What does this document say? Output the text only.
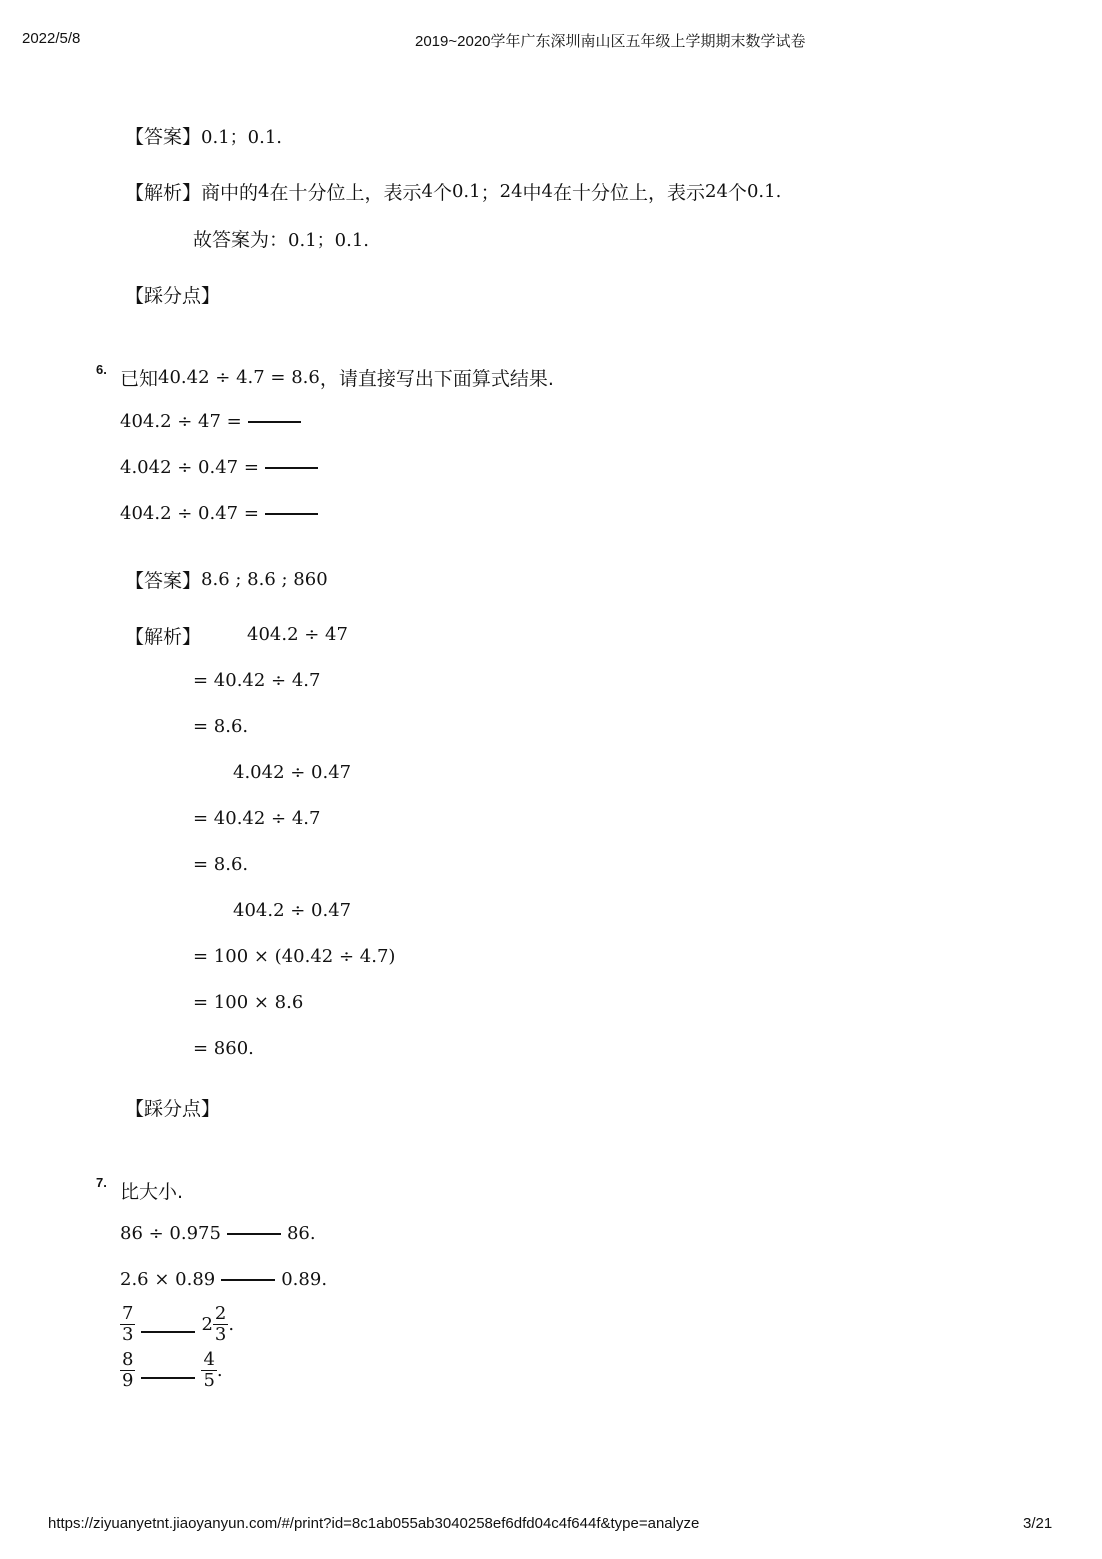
2022/5/8	2019~2020学年广东深圳南山区五年级上学期期末数学试卷
【答案】 0.1；0.1.
【解析】 商中的 4 在十分位上，表示 4 个 0.1 ； 24 中 4 在十分位上，表示 24 个 0.1.
故答案为： 0.1；0.1.
【踩分点】
6. 已知 40.42 ÷ 4.7 = 8.6 ，请直接写出下面算式结果.
404.2 ÷ 47 =
4.042 ÷ 0.47 =
404.2 ÷ 0.47 =
【答案】 8.6 ; 8.6 ; 860
【解析】	404.2 ÷ 47
= 40.42 ÷ 4.7
= 8.6.
4.042 ÷ 0.47
= 40.42 ÷ 4.7
= 8.6.
404.2 ÷ 0.47
= 100 × (40.42 ÷ 4.7)
= 100 × 8.6
= 860.
【踩分点】
7. 比大小.
86 ÷ 0.975	86.
2.6 × 0.89	0.89.
$\frac{7}{3}$	$2 \frac{2}{3}$ .
$\frac{8}{9}$	$\frac{4}{5}$ .
https://ziyuanyetnt.jiaoyanyun.com/#/print?id=8c1ab055ab3040258ef6dfd04c4f644f&type=analyze	3/21
